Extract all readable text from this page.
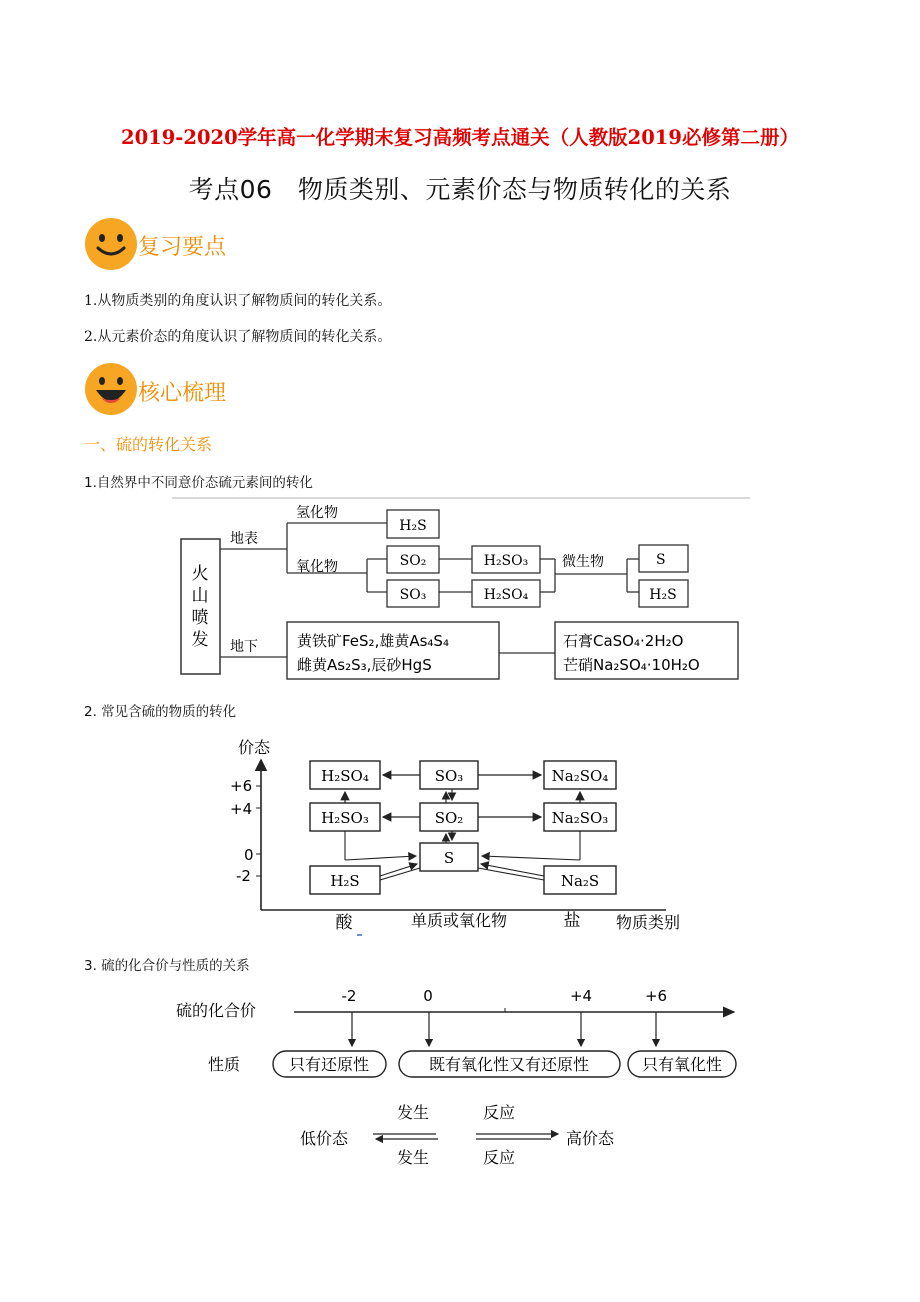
2019-2020学年高一化学期末复习高频考点通关（人教版2019必修第二册）
考点06　物质类别、元素价态与物质转化的关系
复习要点
1.从物质类别的角度认识了解物质间的转化关系。
2.从元素价态的角度认识了解物质间的转化关系。
核心梳理
一、硫的转化关系
1.自然界中不同意价态硫元素间的转化
火
山
喷
发
地表
地下
氢化物
氧化物
H₂S
SO₂
SO₃
H₂SO₃
H₂SO₄
微生物	S
H₂S
黄铁矿FeS₂,雄黄As₄S₄
雌黄As₂S₃,辰砂HgS
石膏CaSO₄·2H₂O
芒硝Na₂SO₄·10H₂O
2. 常见含硫的物质的转化
价态
+6
+4
0
-2
酸	单质或氧化物	盐 物质类别
H₂SO₄	SO₃	Na₂SO₄
H₂SO₃	SO₂	Na₂SO₃
S
H₂S	Na₂S
3. 硫的化合价与性质的关系
硫的化合价
-2	0	+4	+6
性质	只有还原性	既有氧化性又有还原性	只有氧化性
发生	反应
发生	反应
低价态	高价态
